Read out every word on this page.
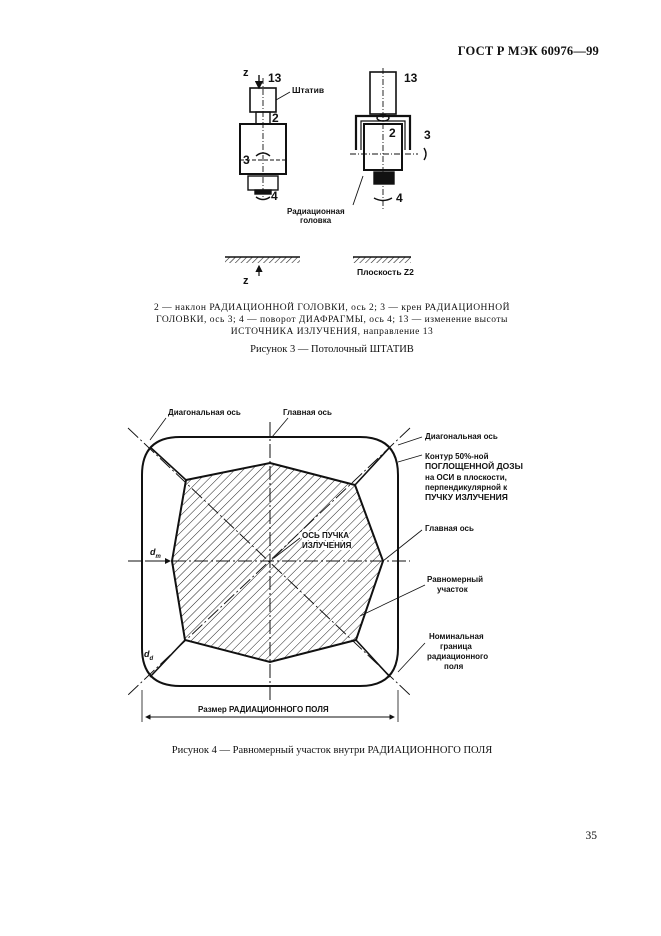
ГОСТ Р МЭК 60976—99
z 13
Штатив
2
3
4
13
2 3
4
Радиационная
головка
z
Плоскость Z2
2 — наклон РАДИАЦИОННОЙ ГОЛОВКИ, ось 2; 3 — крен РАДИАЦИОННОЙ
ГОЛОВКИ, ось 3; 4 — поворот ДИАФРАГМЫ, ось 4; 13 — изменение высоты
ИСТОЧНИКА ИЗЛУЧЕНИЯ, направление 13
Рисунок 3 — Потолочный ШТАТИВ
Диагональная ось	Главная ось
Диагональная ось
Контур 50%-ной
ПОГЛОЩЕННОЙ ДОЗЫ
на ОСИ в плоскости,
перпендикулярной к
ПУЧКУ ИЗЛУЧЕНИЯ
ОСЬ ПУЧКА
ИЗЛУЧЕНИЯ
Главная ось
Равномерный
участок
Номинальная
граница
радиационного
поля
$d_m$
$d_d$
Размер РАДИАЦИОННОГО ПОЛЯ
Рисунок 4 — Равномерный участок внутри РАДИАЦИОННОГО ПОЛЯ
35
